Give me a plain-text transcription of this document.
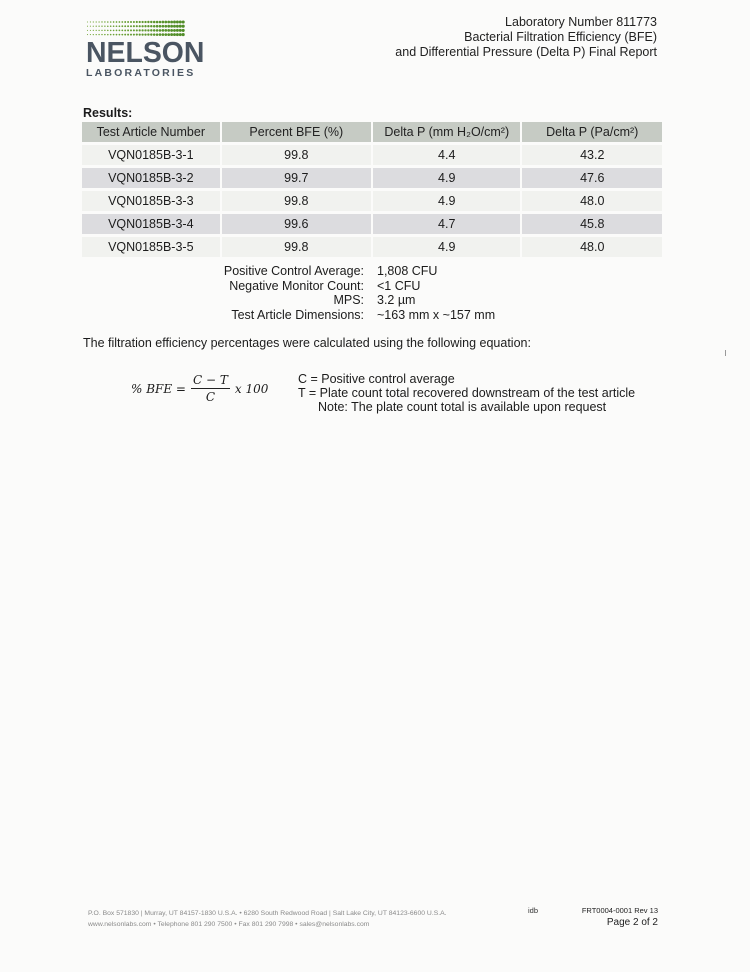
NELSON
LABORATORIES
Laboratory Number 811773
Bacterial Filtration Efficiency (BFE)
and Differential Pressure (Delta P) Final Report
Results:
Test Article Number	Percent BFE (%)	Delta P (mm H₂O/cm²)	Delta P (Pa/cm²)
VQN0185B-3-1	99.8	4.4	43.2
VQN0185B-3-2	99.7	4.9	47.6
VQN0185B-3-3	99.8	4.9	48.0
VQN0185B-3-4	99.6	4.7	45.8
VQN0185B-3-5	99.8	4.9	48.0
Positive Control Average: 1,808 CFU
Negative Monitor Count: <1 CFU
MPS: 3.2 µm
Test Article Dimensions: ~163 mm x ~157 mm
The filtration efficiency percentages were calculated using the following equation:
% BFE = $\frac{C - T}{C}$ x 100
C = Positive control average
T = Plate count total recovered downstream of the test article
Note: The plate count total is available upon request
P.O. Box 571830 | Murray, UT 84157-1830 U.S.A. • 6280 South Redwood Road | Salt Lake City, UT 84123-6600 U.S.A.
www.nelsonlabs.com • Telephone 801 290 7500 • Fax 801 290 7998 • sales@nelsonlabs.com
idb	FRT0004-0001 Rev 13
Page 2 of 2
